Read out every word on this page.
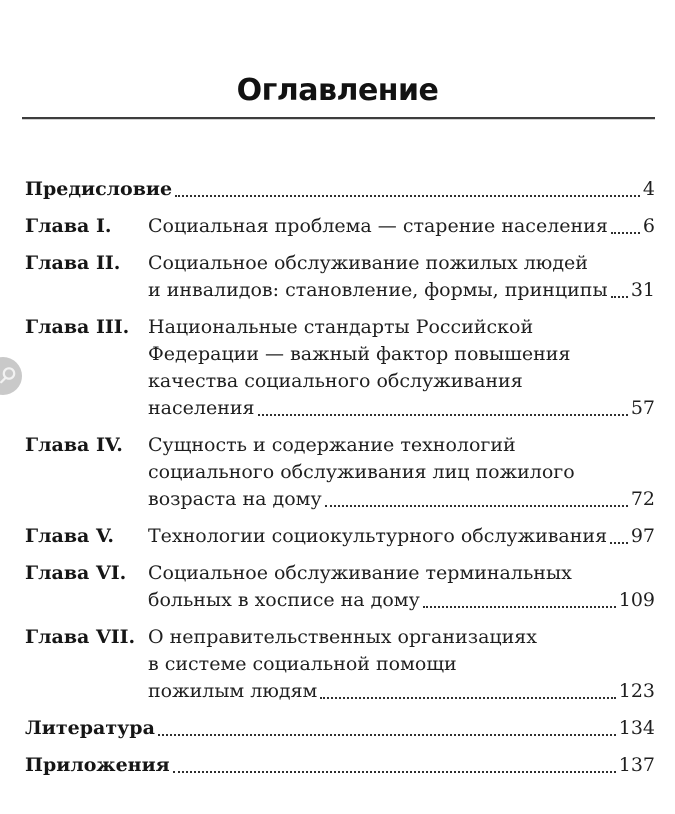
Оглавление
Предисловие	4
Глава I.	Социальная проблема — старение населения 6
Глава II.	Социальное обслуживание пожилых людей
и инвалидов: становление, формы, принципы 31
Глава III. Национальные стандарты Российской
Федерации — важный фактор повышения
качества социального обслуживания
населения	57
Глава IV.	Сущность и содержание технологий
социального обслуживания лиц пожилого
возраста на дому	72
Глава V.	Технологии социокультурного обслуживания 97
Глава VI.	Социальное обслуживание терминальных
больных в хосписе на дому	109
Глава VII. О неправительственных организациях
в системе социальной помощи
пожилым людям	123
Литература	134
Приложения	137
